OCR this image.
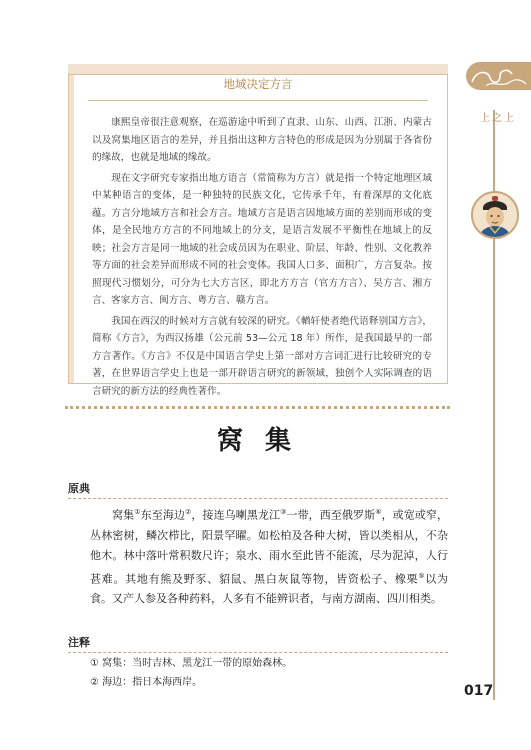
上之上
017
地域决定方言

康熙皇帝很注意观察，在巡游途中听到了直隶、山东、山西、江浙、内蒙古以及窝集地区语言的差异，并且指出这种方言特色的形成是因为分别属于各省份的缘故，也就是地域的缘故。

现在文字研究专家指出地方语言（常简称为方言）就是指一个特定地理区域中某种语言的变体，是一种独特的民族文化，它传承千年，有着深厚的文化底蕴。方言分地域方言和社会方言。地域方言是语言因地域方面的差别而形成的变体，是全民地方方言的不同地域上的分支，是语言发展不平衡性在地域上的反映；社会方言是同一地域的社会成员因为在职业、阶层、年龄、性别、文化教养等方面的社会差异而形成不同的社会变体。我国人口多、面积广，方言复杂。按照现代习惯划分，可分为七大方言区，即北方方言（官方方言）、吴方言、湘方言、客家方言、闽方言、粤方言、赣方言。

我国在西汉的时候对方言就有较深的研究。《輶轩使者绝代语释别国方言》，简称《方言》，为西汉扬雄（公元前 53—公元 18 年）所作，是我国最早的一部方言著作。《方言》不仅是中国语言学史上第一部对方言词汇进行比较研究的专著，在世界语言学史上也是一部开辟语言研究的新领域，独创个人实际调查的语言研究的新方法的经典性著作。

窝集
原典
窝集①东至海边②，接连乌喇黑龙江③一带，西至俄罗斯④，或宽或窄，丛林密树，鳞次栉比，阳景罕曜。如松柏及各种大树，皆以类相从，不杂他木。林中落叶常积数尺许；泉水、雨水至此皆不能流，尽为泥淖，人行甚难。其地有熊及野豕、貂鼠、黑白灰鼠等物，皆资松子、橡栗⑤以为食。又产人参及各种药料，人多有不能辨识者，与南方湖南、四川相类。
注释
① 窝集：当时吉林、黑龙江一带的原始森林。
② 海边：指日本海西岸。
